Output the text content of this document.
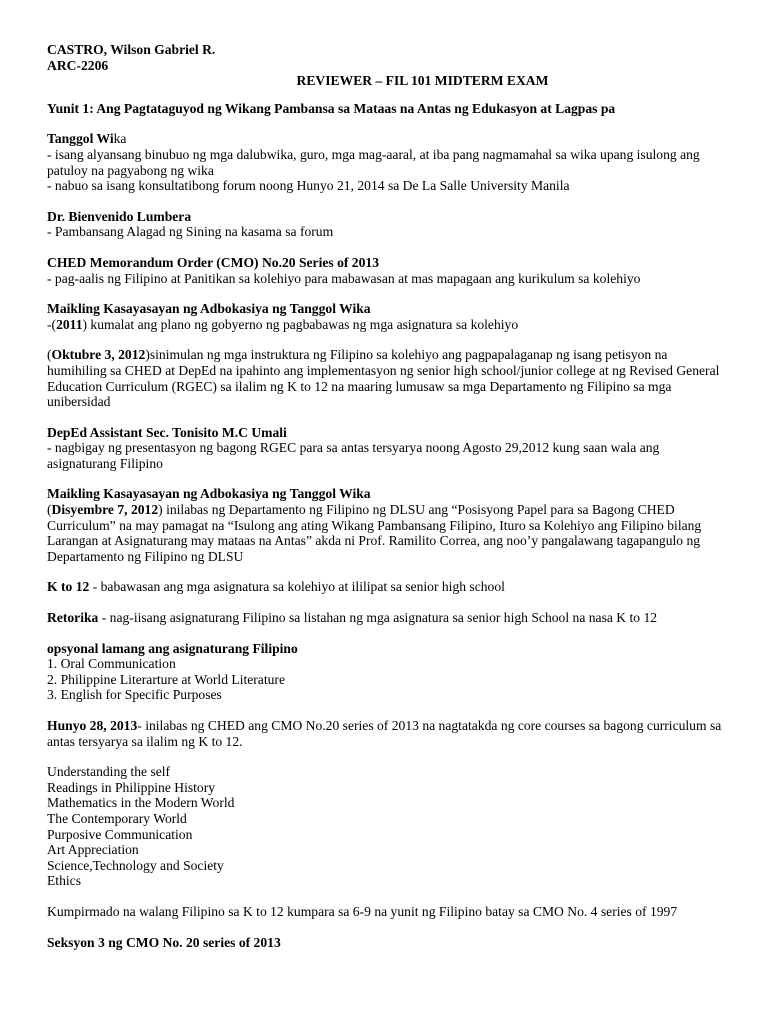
CASTRO, Wilson Gabriel R.

ARC-2206

REVIEWER – FIL 101 MIDTERM EXAM

Yunit 1: Ang Pagtataguyod ng Wikang Pambansa sa Mataas na Antas ng Edukasyon at Lagpas pa

Tanggol Wika

- isang alyansang binubuo ng mga dalubwika, guro, mga mag-aaral, at iba pang nagmamahal sa wika upang isulong ang patuloy na pagyabong ng wika

- nabuo sa isang konsultatibong forum noong Hunyo 21, 2014 sa De La Salle University Manila

Dr. Bienvenido Lumbera

- Pambansang Alagad ng Sining na kasama sa forum

CHED Memorandum Order (CMO) No.20 Series of 2013

- pag-aalis ng Filipino at Panitikan sa kolehiyo para mabawasan at mas mapagaan ang kurikulum sa kolehiyo

Maikling Kasayasayan ng Adbokasiya ng Tanggol Wika

-(2011) kumalat ang plano ng gobyerno ng pagbabawas ng mga asignatura sa kolehiyo

(Oktubre 3, 2012)sinimulan ng mga instruktura ng Filipino sa kolehiyo ang pagpapalaganap ng isang petisyon na humihiling sa CHED at DepEd na ipahinto ang implementasyon ng senior high school/junior college at ng Revised General Education Curriculum (RGEC) sa ilalim ng K to 12 na maaring lumusaw sa mga Departamento ng Filipino sa mga unibersidad

DepEd Assistant Sec. Tonisito M.C Umali

- nagbigay ng presentasyon ng bagong RGEC para sa antas tersyarya noong Agosto 29,2012 kung saan wala ang asignaturang Filipino

Maikling Kasayasayan ng Adbokasiya ng Tanggol Wika

(Disyembre 7, 2012) inilabas ng Departamento ng Filipino ng DLSU ang “Posisyong Papel para sa Bagong CHED Curriculum” na may pamagat na “Isulong ang ating Wikang Pambansang Filipino, Ituro sa Kolehiyo ang Filipino bilang Larangan at Asignaturang may mataas na Antas” akda ni Prof. Ramilito Correa, ang noo’y pangalawang tagapangulo ng Departamento ng Filipino ng DLSU

K to 12 - babawasan ang mga asignatura sa kolehiyo at ililipat sa senior high school

Retorika - nag-iisang asignaturang Filipino sa listahan ng mga asignatura sa senior high School na nasa K to 12

opsyonal lamang ang asignaturang Filipino

1. Oral Communication

2. Philippine Literarture at World Literature

3. English for Specific Purposes

Hunyo 28, 2013- inilabas ng CHED ang CMO No.20 series of 2013 na nagtatakda ng core courses sa bagong curriculum sa antas tersyarya sa ilalim ng K to 12.

Understanding the self

Readings in Philippine History

Mathematics in the Modern World

The Contemporary World

Purposive Communication

Art Appreciation

Science,Technology and Society

Ethics

Kumpirmado na walang Filipino sa K to 12 kumpara sa 6-9 na yunit ng Filipino batay sa CMO No. 4 series of 1997

Seksyon 3 ng CMO No. 20 series of 2013
